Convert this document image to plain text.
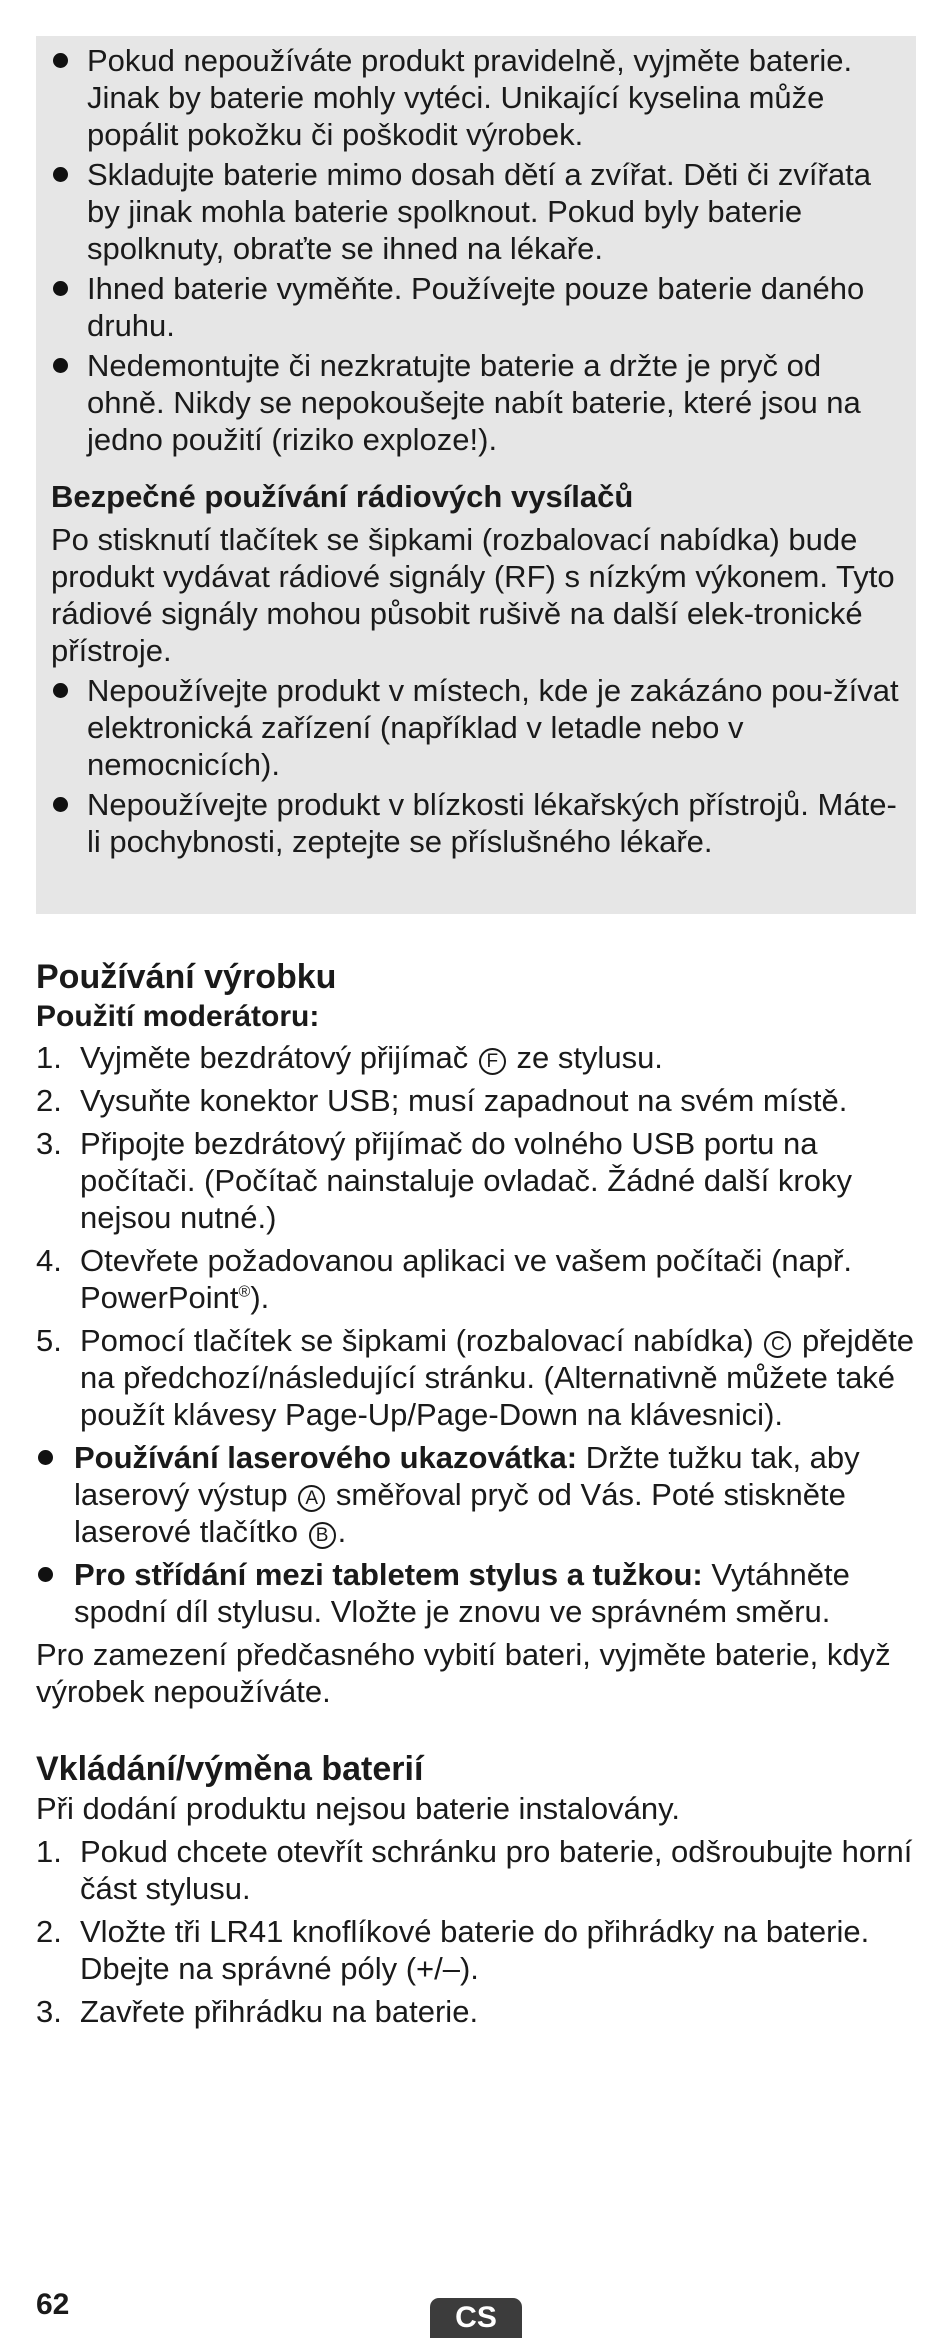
Pokud nepoužíváte produkt pravidelně, vyjměte baterie. Jinak by baterie mohly vytéci. Unikající kyselina může popálit pokožku či poškodit výrobek.
Skladujte baterie mimo dosah dětí a zvířat. Děti či zvířata by jinak mohla baterie spolknout. Pokud byly baterie spolknuty, obraťte se ihned na lékaře.
Ihned baterie vyměňte. Používejte pouze baterie daného druhu.
Nedemontujte či nezkratujte baterie a držte je pryč od ohně. Nikdy se nepokoušejte nabít baterie, které jsou na jedno použití (riziko exploze!).
Bezpečné používání rádiových vysílačů
Po stisknutí tlačítek se šipkami (rozbalovací nabídka) bude produkt vydávat rádiové signály (RF) s nízkým výkonem. Tyto rádiové signály mohou působit rušivě na další elek-tronické přístroje.
Nepoužívejte produkt v místech, kde je zakázáno pou-žívat elektronická zařízení (například v letadle nebo v nemocnicích).
Nepoužívejte produkt v blízkosti lékařských přístrojů. Máte-li pochybnosti, zeptejte se příslušného lékaře.
Používání výrobku
Použití moderátoru:
1. Vyjměte bezdrátový přijímač F ze stylusu.
2. Vysuňte konektor USB; musí zapadnout na svém místě.
3. Připojte bezdrátový přijímač do volného USB portu na počítači. (Počítač nainstaluje ovladač. Žádné další kroky nejsou nutné.)
4. Otevřete požadovanou aplikaci ve vašem počítači (např. PowerPoint®).
5. Pomocí tlačítek se šipkami (rozbalovací nabídka) C přejděte na předchozí/následující stránku. (Alternativně můžete také použít klávesy Page-Up/Page-Down na klávesnici).
Používání laserového ukazovátka: Držte tužku tak, aby laserový výstup A směřoval pryč od Vás. Poté stiskněte laserové tlačítko B .
Pro střídání mezi tabletem stylus a tužkou: Vytáhněte spodní díl stylusu. Vložte je znovu ve správném směru.
Pro zamezení předčasného vybití bateri, vyjměte baterie, když výrobek nepoužíváte.
Vkládání/výměna baterií
Při dodání produktu nejsou baterie instalovány.
1. Pokud chcete otevřít schránku pro baterie, odšroubujte horní část stylusu.
2. Vložte tři LR41 knoflíkové baterie do přihrádky na baterie. Dbejte na správné póly (+/–).
3. Zavřete přihrádku na baterie.
62	CS
